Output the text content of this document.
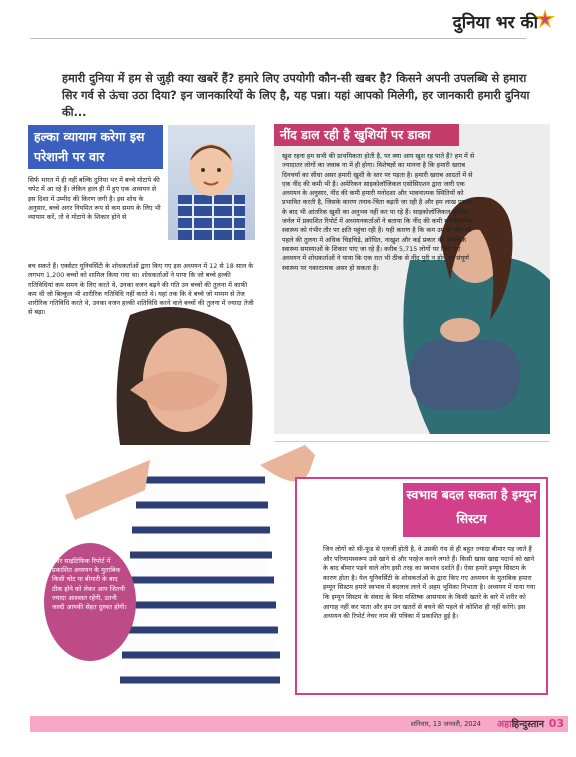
दुनिया भर की
हमारी दुनिया में हम से जुड़ी क्या खबरें हैं? हमारे लिए उपयोगी कौन-सी खबर है? किसने अपनी उपलब्धि से हमारा सिर गर्व से ऊंचा उठा दिया? इन जानकारियों के लिए है, यह पन्ना। यहां आपको मिलेगी, हर जानकारी हमारी दुनिया की...
हल्का व्यायाम करेगा इस परेशानी पर वार
सिर्फ भारत में ही नहीं बल्कि दुनिया भर में बच्चे मोटापे की चपेट में आ रहे हैं। लेकिन हाल ही में हुए एक अध्ययन से इस दिशा में उम्मीद की किरण जगी है। इस शोध के अनुसार, बच्चे अगर नियमित रूप से कम समय के लिए भी व्यायाम करें, तो वे मोटापे के शिकार होने से
बच सकते हैं। एक्सेटर यूनिवर्सिटी के शोधकर्ताओं द्वारा किए गए इस अध्ययन में 12 से 18 साल के लगभग 1,200 बच्चों को शामिल किया गया था। शोधकर्ताओं ने पाया कि जो बच्चे हल्की गतिविधियां कम समय के लिए करते थे, उनका वजन बढ़ने की गति उन बच्चों की तुलना में काफी कम थी जो बिल्कुल भी शारीरिक गतिविधि नहीं करते थे। यहां तक कि वे बच्चे जो मध्यम से तेज शारीरिक गतिविधि करते थे, उनका वजन हल्की शतिविधि करने वाले बच्चों की तुलना में ज्यादा तेजी से बढ़ा।
नींद डाल रही है खुशियों पर डाका
खुश रहना हम सभी की प्राथमिकता होती है, पर क्या आप खुश रह पाते हैं? हम में से ज्यादातर लोगों का जवाब ना में ही होगा। विशेषज्ञों का मानना है कि हमारी खराब दिनचर्या का सीधा असर हमारी खुशी के स्तर पर पड़ता है। हमारी खराब आदतों में से एक नींद की कमी भी है। अमेरिकन साइकोलॉजिकल एसोसिएशन द्वारा जारी एक अध्ययन के अनुसार, नींद की कमी हमारी मनोदशा और भावनात्मक स्थितियों को प्रभावित करती है, जिसके कारण तनाव-चिंता बढ़ती जा रही है और हम लाख प्रयास के बाद भी आंतरिक खुशी का अनुभव नहीं कर पा रहे हैं। साइकोलॉजिकल बुलेटिन जर्नल में प्रकाशित रिपोर्ट में अध्ययनकर्ताओं ने बताया कि नींद की कमी मनोवैज्ञानिक स्वास्थ्य को गंभीर तौर पर क्षति पहुंचा रही है। यही कारण है कि कम उम्र के लोग भी पहले की तुलना में अधिक चिड़चिड़े, क्रोधित, नाखुश और कई प्रकार की मानसिक स्वास्थ्य समस्याओं के शिकार पाए जा रहे हैं। करीब 5,715 लोगों पर किए गए अध्ययन में शोधकर्ताओं ने पाया कि एक रात भी ठीक से नींद पूरी न होने का संपूर्ण स्वास्थ्य पर नकारात्मक असर हो सकता है।
स्वभाव बदल सकता है इम्यून सिस्टम
जिन लोगों को सी-फूड से एलर्जी होती है, वे उसकी गंध से ही बहुत ज्यादा बीमार पड़ जाते हैं और परिणामस्वरूप उसे खाने से और परहेज करने लगते हैं। किसी खास खाद्य पदार्थ को खाने के बाद बीमार पड़ने वाले लोग इसी तरह का स्वभाव दर्शाते हैं। ऐसा हमारे इम्यून सिस्टम के कारण होता है। येल यूनिवर्सिटी के शोधकर्ताओं के द्वारा किए गए अध्ययन के मुताबिक हमारा इम्यून सिस्टम हमारे स्वभाव में बदलाव लाने में अहम भूमिका निभाता है। अध्ययन में पाया गया कि इम्यून सिस्टम के संवाद के बिना मस्तिष्क आसपास के किसी खतरे के बारे में शरीर को आगाह नहीं कर पाता और हम उन खतरों से बचने की पहले से कोशिश ही नहीं करेंगे। इस अध्ययन की रिपोर्ट नेचर नाम की पत्रिका में प्रकाशित हुई है।
नेचर साइंटिफिक रिपोर्ट में प्रकाशित अध्ययन के मुताबिक किसी चोट या बीमारी के बाद ठीक होने को लेकर आप जितनी ज्यादा आश्वस्त रहेंगी, उतनी जल्दी आपकी सेहत दुरुस्त होगी।
शनिवार, 13 जनवरी, 2024 अहा!
हिन्दुस्तान 03
